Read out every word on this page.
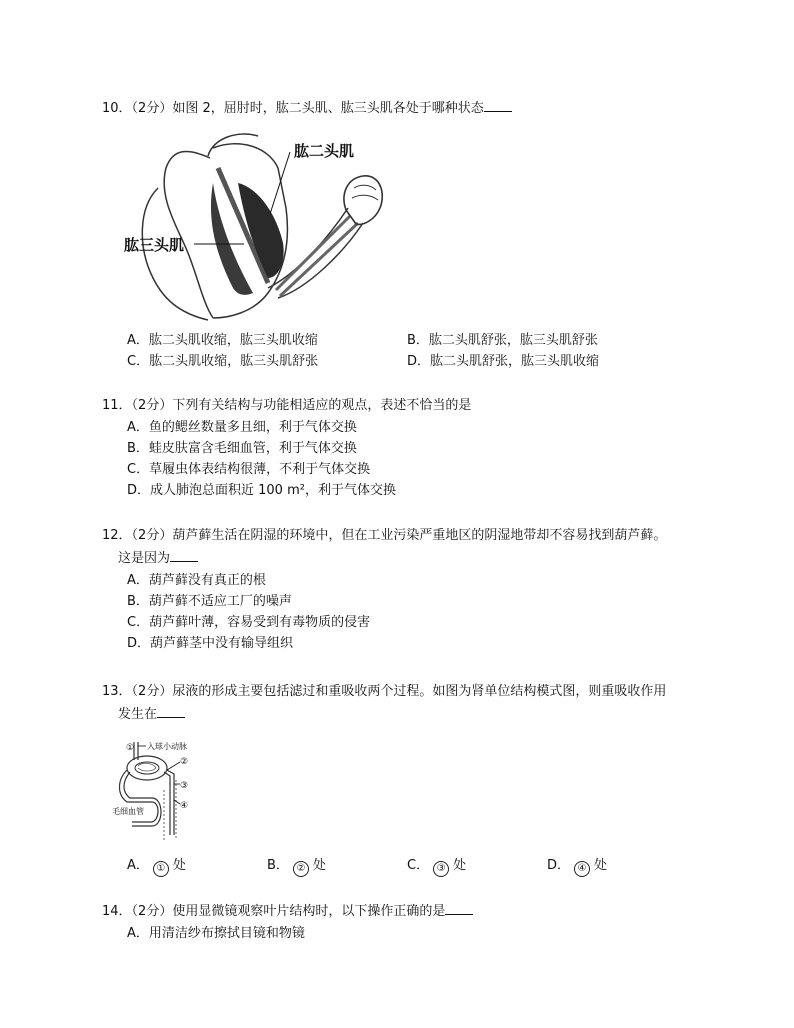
10．（2分）如图 2，屈肘时，肱二头肌、肱三头肌各处于哪种状态
肱二头肌
肱三头肌
A．肱二头肌收缩，肱三头肌收缩	B．肱二头肌舒张，肱三头肌舒张
C．肱二头肌收缩，肱三头肌舒张	D．肱二头肌舒张，肱三头肌收缩
11．（2分）下列有关结构与功能相适应的观点，表述不恰当的是
A．鱼的鳃丝数量多且细，利于气体交换
B．蛙皮肤富含毛细血管，利于气体交换
C．草履虫体表结构很薄，不利于气体交换
D．成人肺泡总面积近 100 m²，利于气体交换
12．（2分）葫芦藓生活在阴湿的环境中，但在工业污染严重地区的阴湿地带却不容易找到葫芦藓。
这是因为
A．葫芦藓没有真正的根
B．葫芦藓不适应工厂的噪声
C．葫芦藓叶薄，容易受到有毒物质的侵害
D．葫芦藓茎中没有输导组织
13．（2分）尿液的形成主要包括滤过和重吸收两个过程。如图为肾单位结构模式图，则重吸收作用
发生在
①
②
③
④
入球小动脉
毛细血管
A． ① 处	B． ② 处	C． ③ 处	D． ④ 处
14．（2分）使用显微镜观察叶片结构时，以下操作正确的是
A．用清洁纱布擦拭目镜和物镜
